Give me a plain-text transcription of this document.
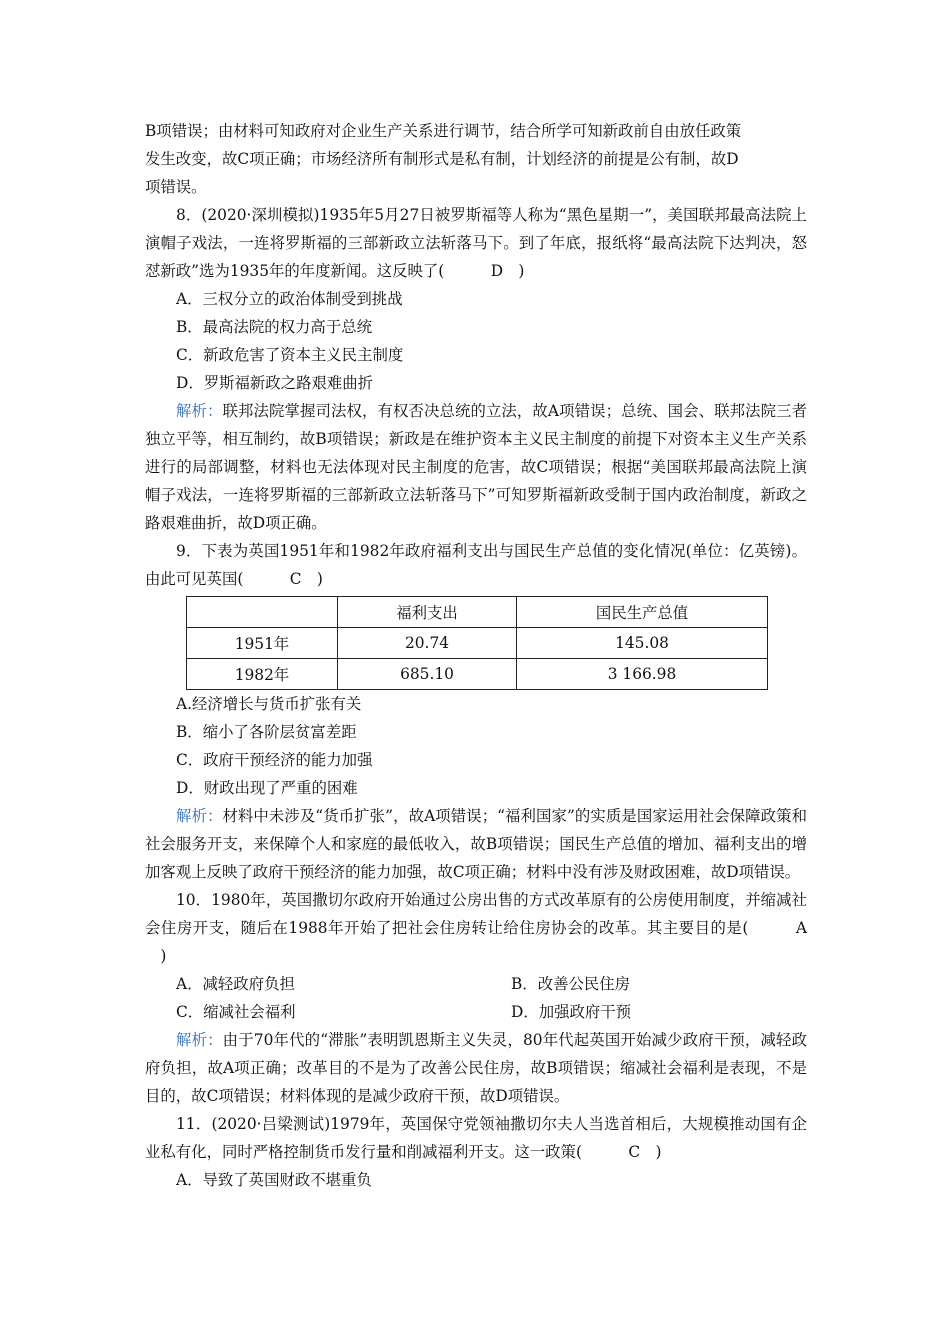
B项错误；由材料可知政府对企业生产关系进行调节，结合所学可知新政前自由放任政策

发生改变，故C项正确；市场经济所有制形式是私有制，计划经济的前提是公有制，故D

项错误。

8．(2020·深圳模拟)1935年5月27日被罗斯福等人称为“黑色星期一”，美国联邦最高法院上演帽子戏法，一连将罗斯福的三部新政立法斩落马下。到了年底，报纸将“最高法院下达判决，怒怼新政”选为1935年的年度新闻。这反映了(　D　)

A．三权分立的政治体制受到挑战

B．最高法院的权力高于总统

C．新政危害了资本主义民主制度

D．罗斯福新政之路艰难曲折

解析：联邦法院掌握司法权，有权否决总统的立法，故A项错误；总统、国会、联邦法院三者独立平等，相互制约，故B项错误；新政是在维护资本主义民主制度的前提下对资本主义生产关系进行的局部调整，材料也无法体现对民主制度的危害，故C项错误；根据“美国联邦最高法院上演帽子戏法，一连将罗斯福的三部新政立法斩落马下”可知罗斯福新政受制于国内政治制度，新政之路艰难曲折，故D项正确。

9．下表为英国1951年和1982年政府福利支出与国民生产总值的变化情况(单位：亿英镑)。由此可见英国(　C　)

	福利支出	国民生产总值
1951年	20.74	145.08
1982年	685.10	3 166.98

A.经济增长与货币扩张有关

B．缩小了各阶层贫富差距

C．政府干预经济的能力加强

D．财政出现了严重的困难

解析：材料中未涉及“货币扩张”，故A项错误；“福利国家”的实质是国家运用社会保障政策和社会服务开支，来保障个人和家庭的最低收入，故B项错误；国民生产总值的增加、福利支出的增加客观上反映了政府干预经济的能力加强，故C项正确；材料中没有涉及财政困难，故D项错误。

10．1980年，英国撒切尔政府开始通过公房出售的方式改革原有的公房使用制度，并缩减社会住房开支，随后在1988年开始了把社会住房转让给住房协会的改革。其主要目的是(　A　)

A．减轻政府负担	B．改善公民住房
C．缩减社会福利	D．加强政府干预

解析：由于70年代的“滞胀”表明凯恩斯主义失灵，80年代起英国开始减少政府干预，减轻政府负担，故A项正确；改革目的不是为了改善公民住房，故B项错误；缩减社会福利是表现，不是目的，故C项错误；材料体现的是减少政府干预，故D项错误。

11．(2020·吕梁测试)1979年，英国保守党领袖撒切尔夫人当选首相后，大规模推动国有企业私有化，同时严格控制货币发行量和削减福利开支。这一政策(　C　)

A．导致了英国财政不堪重负
